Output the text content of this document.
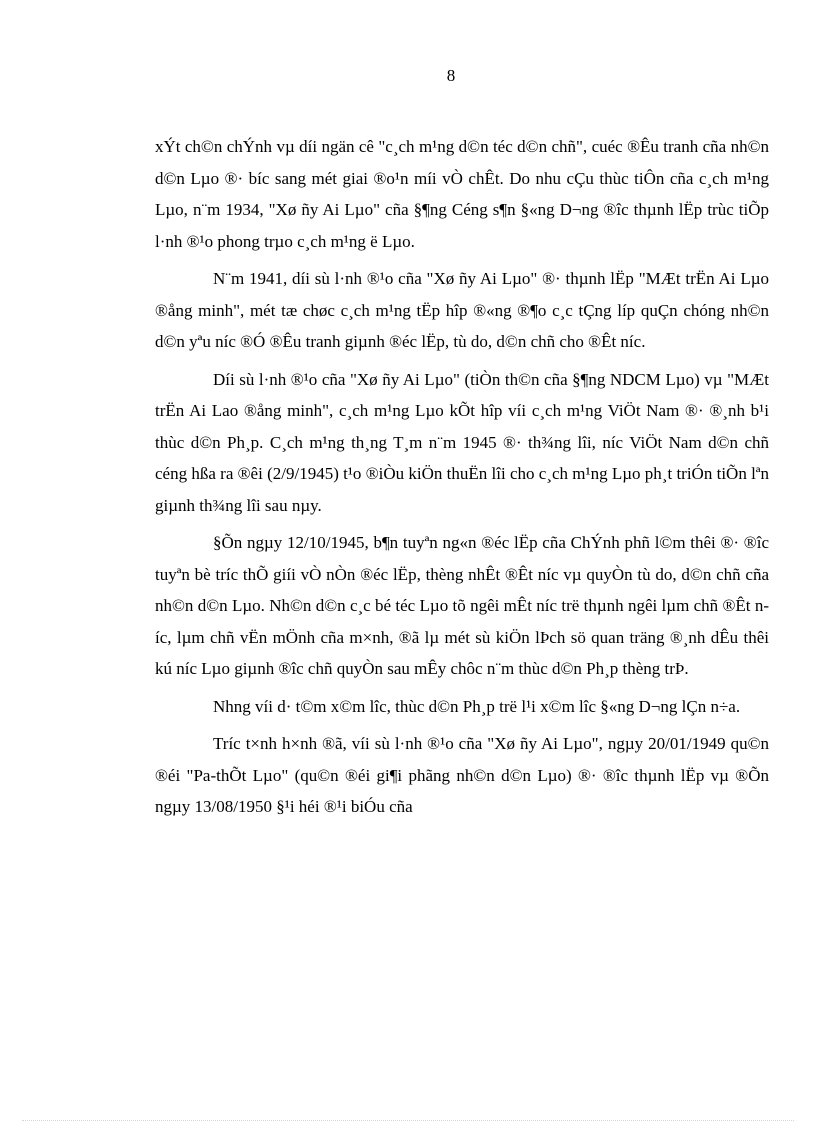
8

xÝt ch©n chÝnh vµ díi ngän cê "c¸ch m¹ng d©n téc d©n chñ", cuéc ®Êu tranh cña nh©n d©n Lµo ®· bíc sang mét giai ®o¹n míi vÒ chÊt. Do nhu cÇu thùc tiÔn cña c¸ch m¹ng Lµo, n¨m 1934, "Xø ñy Ai Lµo" cña §¶ng Céng s¶n §«ng D¬ng ®îc thµnh lËp trùc tiÕp l·nh ®¹o phong trµo c¸ch m¹ng ë Lµo.

N¨m 1941, díi sù l·nh ®¹o cña "Xø ñy Ai Lµo" ®· thµnh lËp "MÆt trËn Ai Lµo ®ång minh", mét tæ chøc c¸ch m¹ng tËp hîp ®«ng ®¶o c¸c tÇng líp quÇn chóng nh©n d©n yªu níc ®Ó ®Êu tranh giµnh ®éc lËp, tù do, d©n chñ cho ®Êt níc.

Díi sù l·nh ®¹o cña "Xø ñy Ai Lµo" (tiÒn th©n cña §¶ng NDCM Lµo) vµ "MÆt trËn Ai Lao ®ång minh", c¸ch m¹ng Lµo kÕt hîp víi c¸ch m¹ng ViÖt Nam ®· ®¸nh b¹i thùc d©n Ph¸p. C¸ch m¹ng th¸ng T¸m n¨m 1945 ®· th¾ng lîi, níc ViÖt Nam d©n chñ céng hßa ra ®êi (2/9/1945) t¹o ®iÒu kiÖn thuËn lîi cho c¸ch m¹ng Lµo ph¸t triÓn tiÕn lªn giµnh th¾ng lîi sau nµy.

§Õn ngµy 12/10/1945, b¶n tuyªn ng«n ®éc lËp cña ChÝnh phñ l©m thêi ®· ®îc tuyªn bè tríc thÕ giíi vÒ nÒn ®éc lËp, thèng nhÊt ®Êt níc vµ quyÒn tù do, d©n chñ cña nh©n d©n Lµo. Nh©n d©n c¸c bé téc Lµo tõ ngêi mÊt níc trë thµnh ngêi lµm chñ ®Êt níc, lµm chñ vËn mÖnh cña m×nh, ®ã lµ mét sù kiÖn lÞch sö quan träng ®¸nh dÊu thêi kú níc Lµo giµnh ®îc chñ quyÒn sau mÊy chôc n¨m thùc d©n Ph¸p thèng trÞ.

Nhng víi d· t©m x©m lîc, thùc d©n Ph¸p trë l¹i x©m lîc §«ng D¬ng lÇn n÷a.

Tríc t×nh h×nh ®ã, víi sù l·nh ®¹o cña "Xø ñy Ai Lµo", ngµy 20/01/1949 qu©n ®éi "Pa-thÕt Lµo" (qu©n ®éi gi¶i phãng nh©n d©n Lµo) ®· ®îc thµnh lËp vµ ®Õn ngµy 13/08/1950 §¹i héi ®¹i biÓu cña
